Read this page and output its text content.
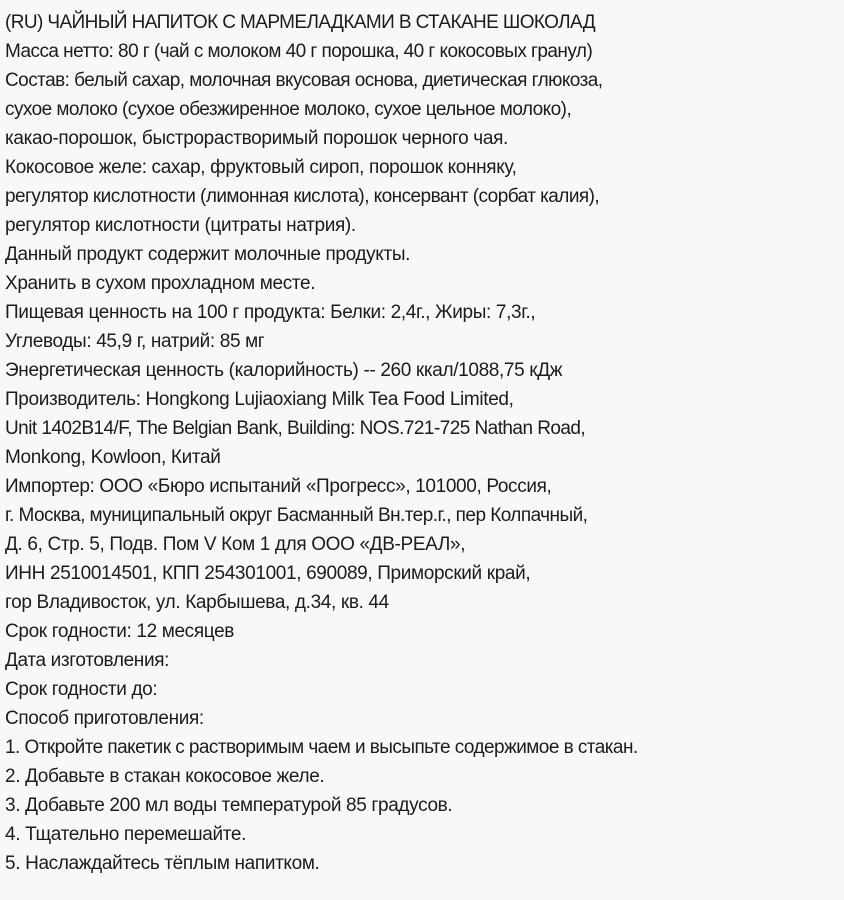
(RU) ЧАЙНЫЙ НАПИТОК С МАРМЕЛАДКАМИ В СТАКАНЕ ШОКОЛАД
Масса нетто: 80 г (чай с молоком 40 г порошка, 40 г кокосовых гранул)
Состав: белый сахар, молочная вкусовая основа, диетическая глюкоза,
сухое молоко (сухое обезжиренное молоко, сухое цельное молоко),
какао-порошок, быстрорастворимый порошок черного чая.
Кокосовое желе: сахар, фруктовый сироп, порошок конняку,
регулятор кислотности (лимонная кислота), консервант (сорбат калия),
регулятор кислотности (цитраты натрия).
Данный продукт содержит молочные продукты.
Хранить в сухом прохладном месте.
Пищевая ценность на 100 г продукта: Белки: 2,4г., Жиры: 7,3г.,
Углеводы: 45,9 г, натрий: 85 мг
Энергетическая ценность (калорийность) -- 260 ккал/1088,75 кДж
Производитель: Hongkong Lujiaoxiang Milk Tea Food Limited,
Unit 1402B14/F, The Belgian Bank, Building: NOS.721-725 Nathan Road,
Monkong, Kowloon, Китай
Импортер: ООО «Бюро испытаний «Прогресс», 101000, Россия,
г. Москва, муниципальный округ Басманный Вн.тер.г., пер Колпачный,
Д. 6, Стр. 5, Подв. Пом V Ком 1 для ООО «ДВ-РЕАЛ»,
ИНН 2510014501, КПП 254301001, 690089, Приморский край,
гор Владивосток, ул. Карбышева, д.34, кв. 44
Срок годности: 12 месяцев
Дата изготовления:
Срок годности до:
Способ приготовления:
1. Откройте пакетик с растворимым чаем и высыпьте содержимое в стакан.
2. Добавьте в стакан кокосовое желе.
3. Добавьте 200 мл воды температурой 85 градусов.
4. Тщательно перемешайте.
5. Наслаждайтесь тёплым напитком.
